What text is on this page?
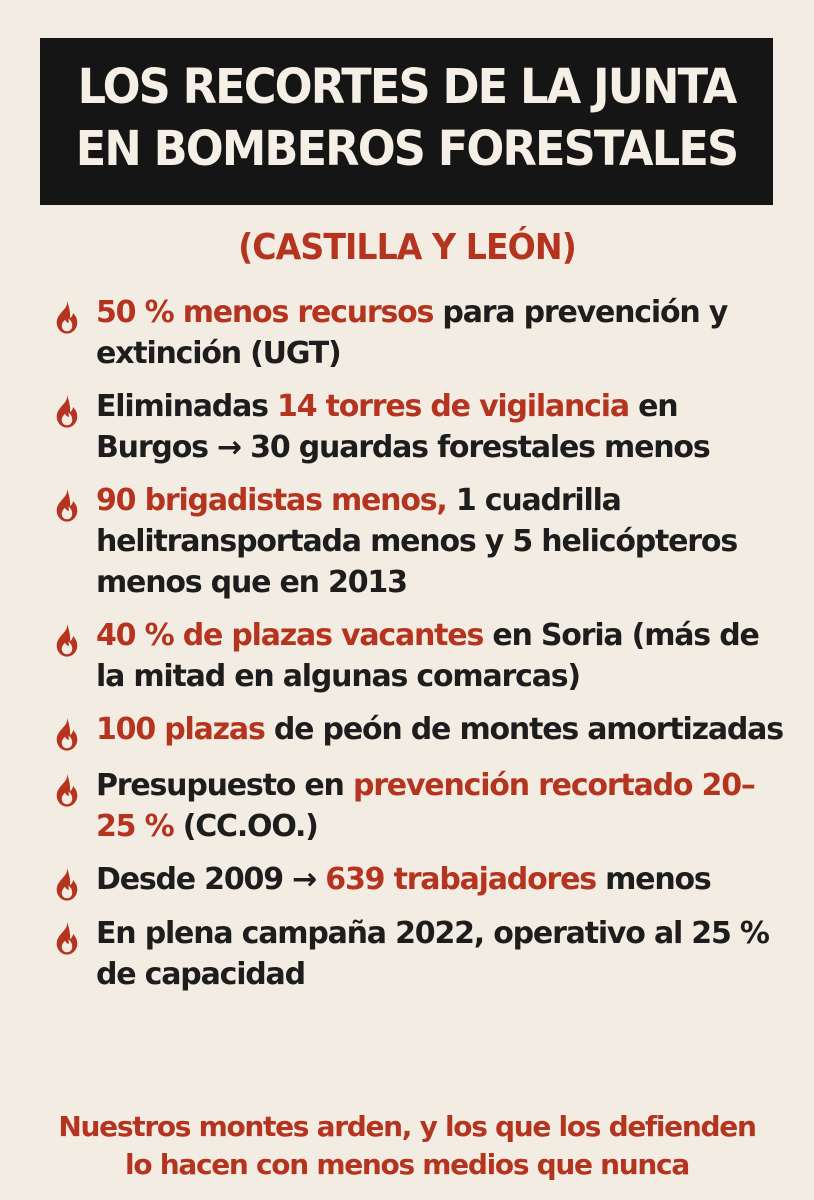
LOS RECORTES DE LA JUNTA
EN BOMBEROS FORESTALES
(CASTILLA Y LEÓN)
50 % menos recursos para prevención y extinción (UGT)
Eliminadas 14 torres de vigilancia en Burgos → 30 guardas forestales menos
90 brigadistas menos, 1 cuadrilla helitransportada menos y 5 helicópteros menos que en 2013
40 % de plazas vacantes en Soria (más de la mitad en algunas comarcas)
100 plazas de peón de montes amortizadas
Presupuesto en prevención recortado 20–25 % (CC.OO.)
Desde 2009 → 639 trabajadores menos
En plena campaña 2022, operativo al 25 % de capacidad
Nuestros montes arden, y los que los defienden
lo hacen con menos medios que nunca
